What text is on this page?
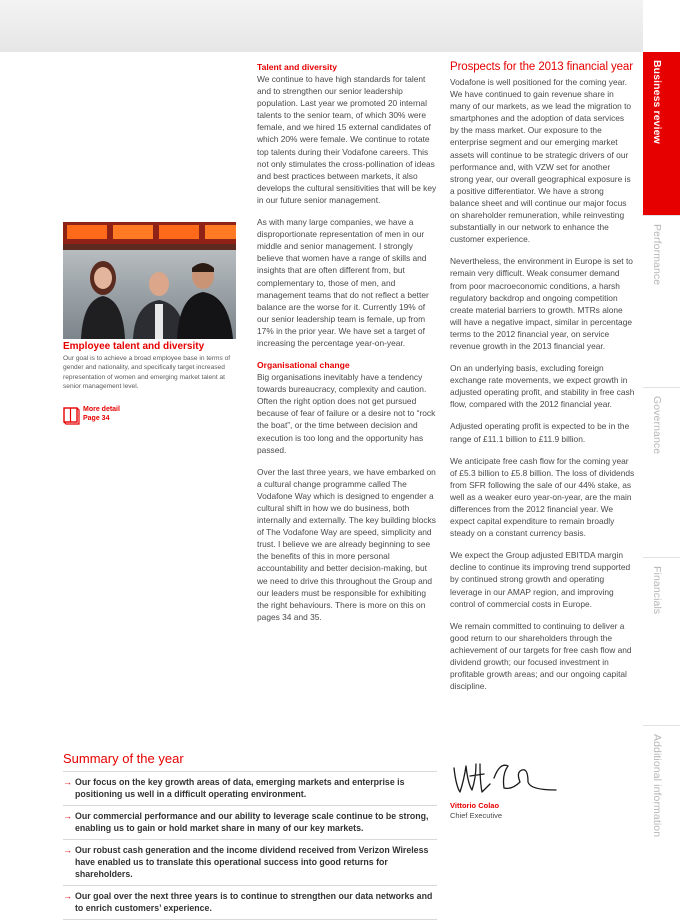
Business review
Performance
Governance
Financials
Additional information
Employee talent and diversity
Our goal is to achieve a broad employee base in terms of gender and nationality, and specifically target increased representation of women and emerging market talent at senior management level.
More detail
Page 34
Talent and diversity

We continue to have high standards for talent and to strengthen our senior leadership population. Last year we promoted 20 internal talents to the senior team, of which 30% were female, and we hired 15 external candidates of which 20% were female. We continue to rotate top talents during their Vodafone careers. This not only stimulates the cross-pollination of ideas and best practices between markets, it also develops the cultural sensitivities that will be key in our future senior management.

As with many large companies, we have a disproportionate representation of men in our middle and senior management. I strongly believe that women have a range of skills and insights that are often different from, but complementary to, those of men, and management teams that do not reflect a better balance are the worse for it. Currently 19% of our senior leadership team is female, up from 17% in the prior year. We have set a target of increasing the percentage year-on-year.

Organisational change

Big organisations inevitably have a tendency towards bureaucracy, complexity and caution. Often the right option does not get pursued because of fear of failure or a desire not to “rock the boat”, or the time between decision and execution is too long and the opportunity has passed.

Over the last three years, we have embarked on a cultural change programme called The Vodafone Way which is designed to engender a cultural shift in how we do business, both internally and externally. The key building blocks of The Vodafone Way are speed, simplicity and trust. I believe we are already beginning to see the benefits of this in more personal accountability and better decision-making, but we need to drive this throughout the Group and our leaders must be responsible for exhibiting the right behaviours. There is more on this on pages 34 and 35.

Prospects for the 2013 financial year

Vodafone is well positioned for the coming year. We have continued to gain revenue share in many of our markets, as we lead the migration to smartphones and the adoption of data services by the mass market. Our exposure to the enterprise segment and our emerging market assets will continue to be strategic drivers of our performance and, with VZW set for another strong year, our overall geographical exposure is a positive differentiator. We have a strong balance sheet and will continue our major focus on shareholder remuneration, while reinvesting substantially in our network to enhance the customer experience.

Nevertheless, the environment in Europe is set to remain very difficult. Weak consumer demand from poor macroeconomic conditions, a harsh regulatory backdrop and ongoing competition create material barriers to growth. MTRs alone will have a negative impact, similar in percentage terms to the 2012 financial year, on service revenue growth in the 2013 financial year.

On an underlying basis, excluding foreign exchange rate movements, we expect growth in adjusted operating profit, and stability in free cash flow, compared with the 2012 financial year.

Adjusted operating profit is expected to be in the range of £11.1 billion to £11.9 billion.

We anticipate free cash flow for the coming year of £5.3 billion to £5.8 billion. The loss of dividends from SFR following the sale of our 44% stake, as well as a weaker euro year-on-year, are the main differences from the 2012 financial year. We expect capital expenditure to remain broadly steady on a constant currency basis.

We expect the Group adjusted EBITDA margin decline to continue its improving trend supported by continued strong growth and operating leverage in our AMAP region, and improving control of commercial costs in Europe.

We remain committed to continuing to deliver a good return to our shareholders through the achievement of our targets for free cash flow and dividend growth; our focused investment in profitable growth areas; and our ongoing capital discipline.

Vittorio Colao
Chief Executive
Summary of the year
→ Our focus on the key growth areas of data, emerging markets and enterprise is positioning us well in a difficult operating environment.
→ Our commercial performance and our ability to leverage scale continue to be strong, enabling us to gain or hold market share in many of our key markets.
→ Our robust cash generation and the income dividend received from Verizon Wireless have enabled us to translate this operational success into good returns for shareholders.
→ Our goal over the next three years is to continue to strengthen our data networks and to enrich customers’ experience.
